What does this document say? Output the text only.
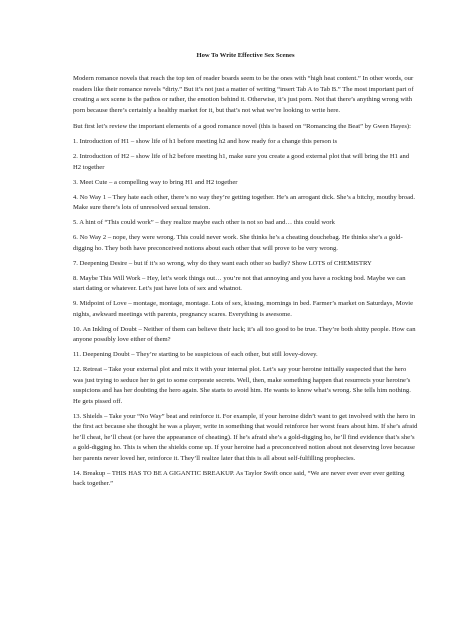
How To Write Effective Sex Scenes
Modern romance novels that reach the top ten of reader boards seem to be the ones with “high heat content.” In other words, our readers like their romance novels “dirty.” But it’s not just a matter of writing “insert Tab A to Tab B.” The most important part of creating a sex scene is the pathos or rather, the emotion behind it. Otherwise, it’s just porn. Not that there’s anything wrong with porn because there’s certainly a healthy market for it, but that’s not what we’re looking to write here.
But first let’s review the important elements of a good romance novel (this is based on “Romancing the Beat” by Gwen Hayes):
1. Introduction of H1 – show life of h1 before meeting h2 and how ready for a change this person is
2. Introduction of H2 – show life of h2 before meeting h1, make sure you create a good external plot that will bring the H1 and H2 together
3. Meet Cute – a compelling way to bring H1 and H2 together
4. No Way 1 – They hate each other, there’s no way they’re getting together. He’s an arrogant dick. She’s a bitchy, mouthy broad. Make sure there’s lots of unresolved sexual tension.
5. A hint of “This could work” – they realize maybe each other is not so bad and… this could work
6. No Way 2 – nope, they were wrong. This could never work. She thinks he’s a cheating douchebag. He thinks she’s a gold-digging ho. They both have preconceived notions about each other that will prove to be very wrong.
7. Deepening Desire – but if it’s so wrong, why do they want each other so badly? Show LOTS of CHEMISTRY
8. Maybe This Will Work – Hey, let’s work things out… you’re not that annoying and you have a rocking bod. Maybe we can start dating or whatever. Let’s just have lots of sex and whatnot.
9. Midpoint of Love – montage, montage, montage. Lots of sex, kissing, mornings in bed. Farmer’s market on Saturdays, Movie nights, awkward meetings with parents, pregnancy scares. Everything is awesome.
10. An Inkling of Doubt – Neither of them can believe their luck; it’s all too good to be true. They’re both shitty people. How can anyone possibly love either of them?
11. Deepening Doubt – They’re starting to be suspicious of each other, but still lovey-dovey.
12. Retreat – Take your external plot and mix it with your internal plot. Let’s say your heroine initially suspected that the hero was just trying to seduce her to get to some corporate secrets. Well, then, make something happen that resurrects your heroine’s suspicions and has her doubting the hero again. She starts to avoid him. He wants to know what’s wrong. She tells him nothing. He gets pissed off.
13. Shields – Take your “No Way” beat and reinforce it. For example, if your heroine didn’t want to get involved with the hero in the first act because she thought he was a player, write in something that would reinforce her worst fears about him. If she’s afraid he’ll cheat, he’ll cheat (or have the appearance of cheating). If he’s afraid she’s a gold-digging ho, he’ll find evidence that’s she’s a gold-digging ho. This is when the shields come up. If your heroine had a preconceived notion about not deserving love because her parents never loved her, reinforce it. They’ll realize later that this is all about self-fulfilling prophecies.
14. Breakup – THIS HAS TO BE A GIGANTIC BREAKUP. As Taylor Swift once said, “We are never ever ever ever getting back together.”
